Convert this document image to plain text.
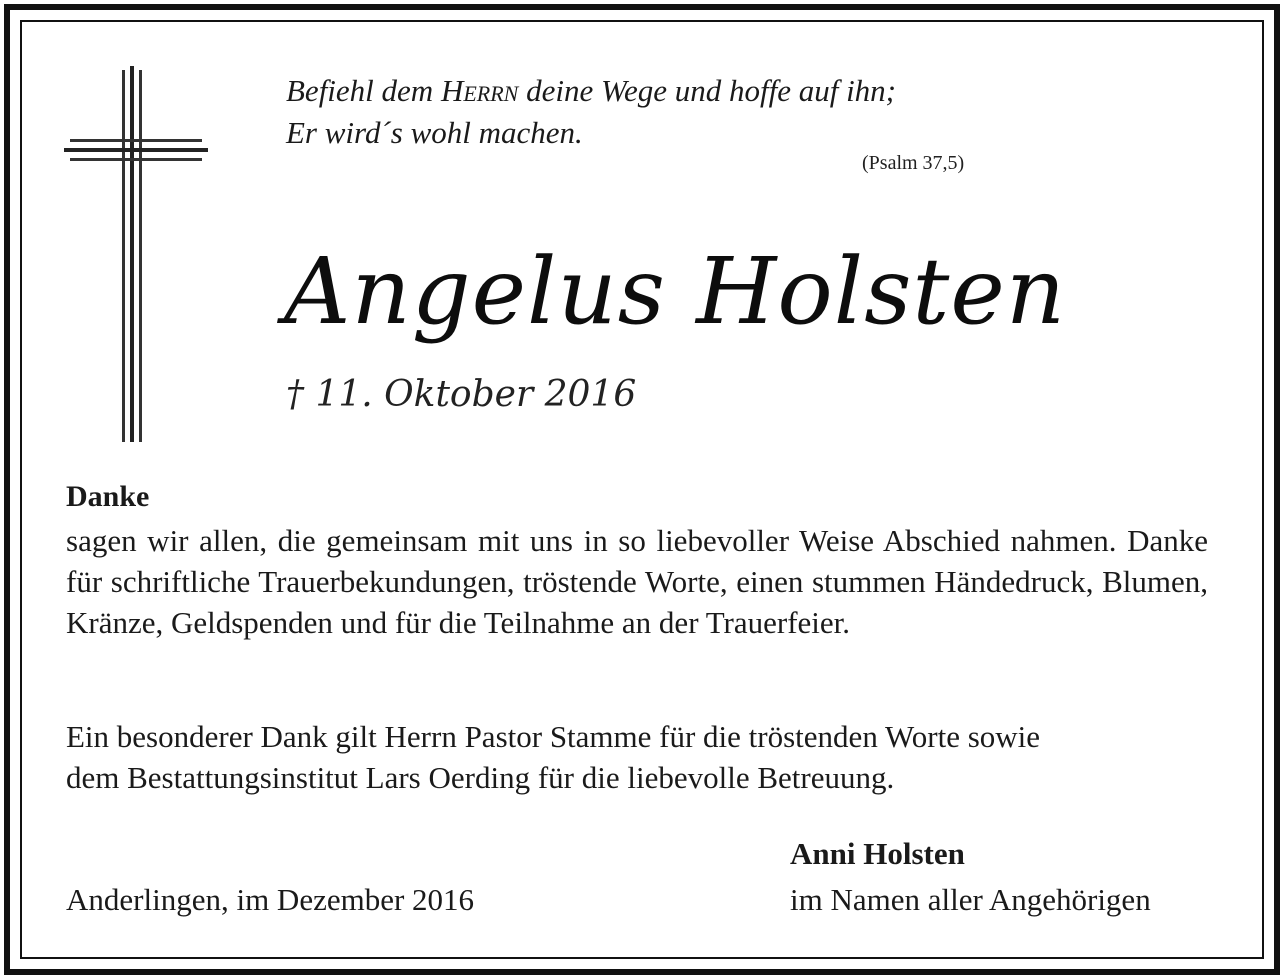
Befiehl dem Herrn deine Wege und hoffe auf ihn;
Er wird´s wohl machen.
(Psalm 37,5)
Angelus Holsten
† 11. Oktober 2016
Danke

sagen wir allen, die gemeinsam mit uns in so liebevoller Weise Abschied nahmen. Danke für schriftliche Trauerbekundungen, tröstende Worte, einen stummen Händedruck, Blumen, Kränze, Geldspenden und für die Teilnahme an der Trauerfeier.

Ein besonderer Dank gilt Herrn Pastor Stamme für die tröstenden Worte sowie
dem Bestattungsinstitut Lars Oerding für die liebevolle Betreuung.
Anni Holsten
im Namen aller Angehörigen
Anderlingen, im Dezember 2016
